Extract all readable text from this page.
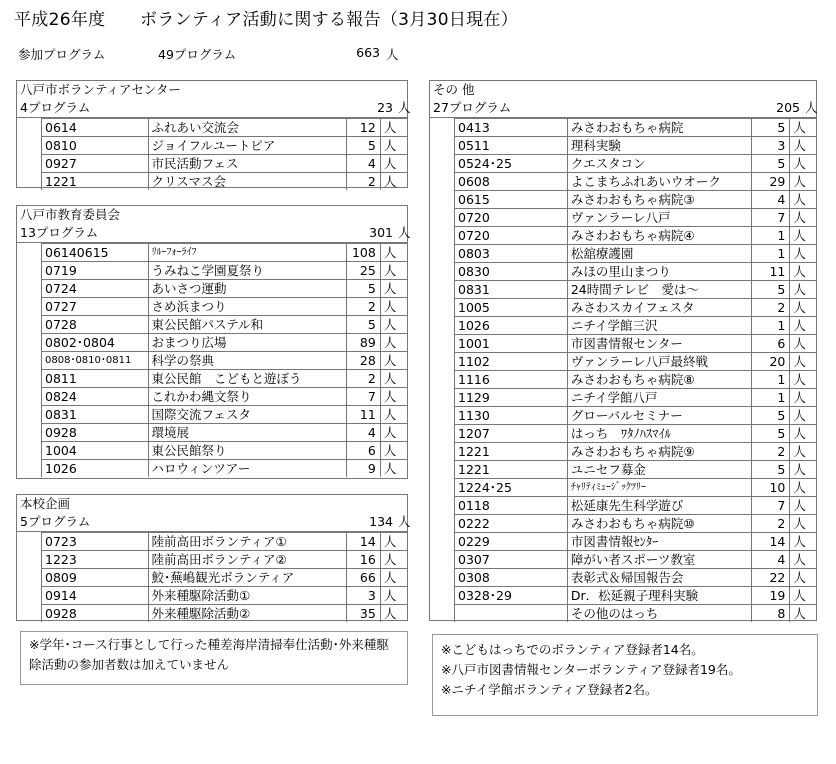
平成26年度　　ボランティア活動に関する報告（3月30日現在）
参加プログラム	49プログラム	663 人
八戸市ボランティアセンター
4プログラム	23 人
0614	ふれあい交流会	12	人
0810	ジョイフルユートピア	5	人
0927	市民活動フェス	4	人
1221	クリスマス会	2	人
八戸市教育委員会
13プログラム	301 人
06140615	ﾘﾙｰﾌｫｰﾗｲﾌ	108	人
0719	うみねこ学園夏祭り	25	人
0724	あいさつ運動	5	人
0727	さめ浜まつり	2	人
0728	東公民館パステル和	5	人
0802･0804	おまつり広場	89	人
0808･0810･0811	科学の祭典	28	人
0811	東公民館　こどもと遊ぼう	2	人
0824	これかわ縄文祭り	7	人
0831	国際交流フェスタ	11	人
0928	環境展	4	人
1004	東公民館祭り	6	人
1026	ハロウィンツアー	9	人
本校企画
5プログラム	134 人
0723	陸前高田ボランティア①	14	人
1223	陸前高田ボランティア②	16	人
0809	鮫･蕪嶋観光ボランティア	66	人
0914	外来種駆除活動①	3	人
0928	外来種駆除活動②	35	人
その 他
27プログラム	205 人
0413	みさわおもちゃ病院	5	人
0511	理科実験	3	人
0524･25	クエスタコン	5	人
0608	よこまちふれあいウオーク	29	人
0615	みさわおもちゃ病院③	4	人
0720	ヴァンラーレ八戸	7	人
0720	みさわおもちゃ病院④	1	人
0803	松舘療護園	1	人
0830	みほの里山まつり	11	人
0831	24時間テレビ　愛は～	5	人
1005	みさわスカイフェスタ	2	人
1026	ニチイ学館三沢	1	人
1001	市図書情報センター	6	人
1102	ヴァンラーレ八戸最終戦	20	人
1116	みさわおもちゃ病院⑧	1	人
1129	ニチイ学館八戸	1	人
1130	グローバルセミナー	5	人
1207	はっち　ﾜﾀﾉﾊｽﾏｲﾙ	5	人
1221	みさわおもちゃ病院⑨	2	人
1221	ユニセフ募金	5	人
1224･25	ﾁｬﾘﾃｨﾐｭｰｼﾞｯｸﾂﾘｰ	10	人
0118	松延康先生科学遊び	7	人
0222	みさわおもちゃ病院⑩	2	人
0229	市図書情報ｾﾝﾀｰ	14	人
0307	障がい者スポーツ教室	4	人
0308	表彰式＆帰国報告会	22	人
0328･29	Dr．松延親子理科実験	19	人
	その他のはっち	8	人
※学年･コース行事として行った種差海岸清掃奉仕活動･外来種駆除活動の参加者数は加えていません
※こどもはっちでのボランティア登録者14名。
※八戸市図書情報センターボランティア登録者19名。
※ニチイ学館ボランティア登録者2名。
